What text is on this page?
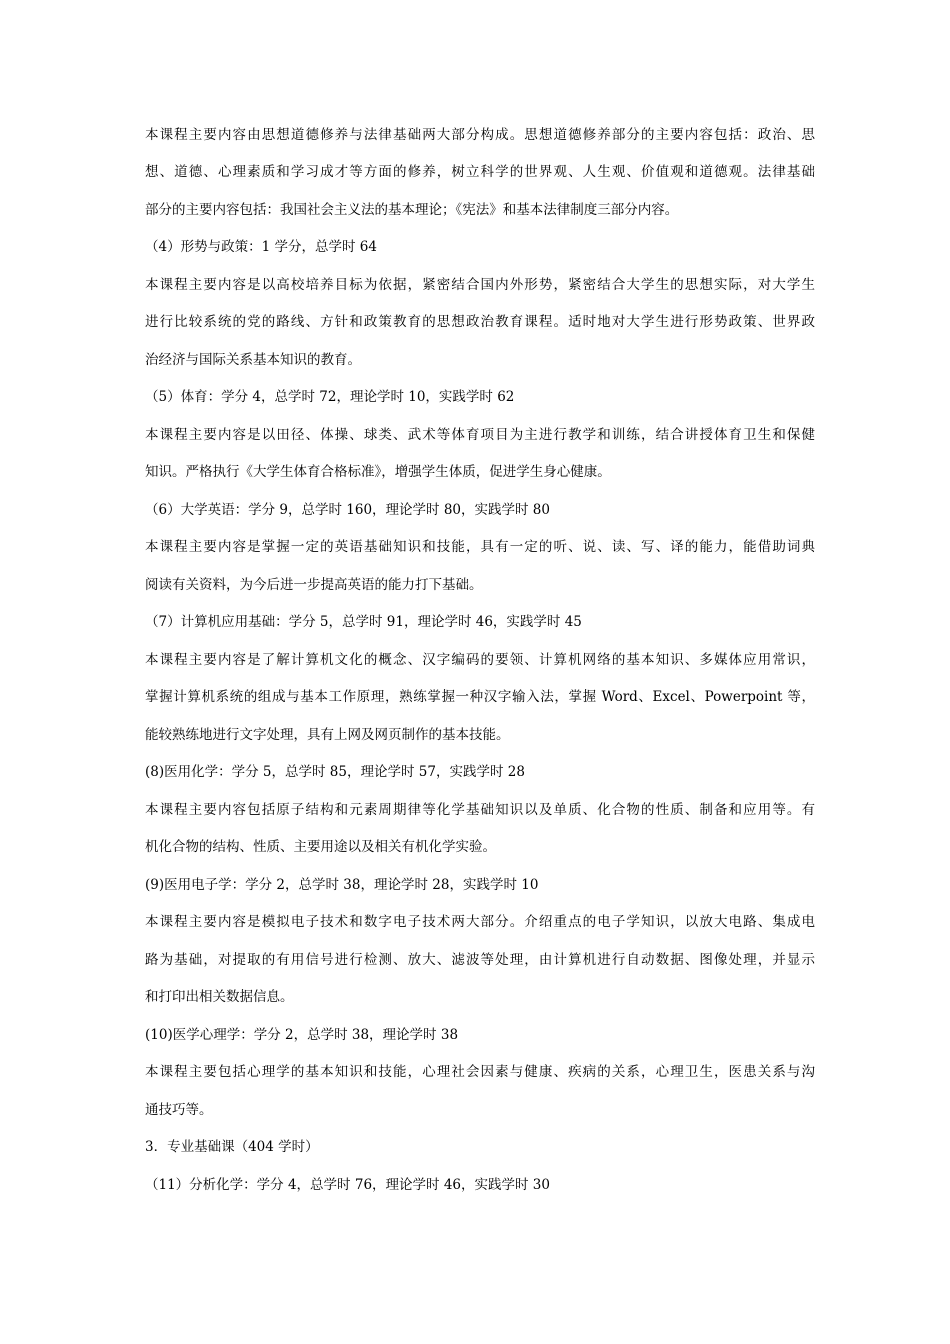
本课程主要内容由思想道德修养与法律基础两大部分构成。思想道德修养部分的主要内容包括：政治、思
想、道德、心理素质和学习成才等方面的修养，树立科学的世界观、人生观、价值观和道德观。法律基础
部分的主要内容包括：我国社会主义法的基本理论；《宪法》和基本法律制度三部分内容。
（4）形势与政策：1 学分，总学时 64
本课程主要内容是以高校培养目标为依据，紧密结合国内外形势，紧密结合大学生的思想实际，对大学生
进行比较系统的党的路线、方针和政策教育的思想政治教育课程。适时地对大学生进行形势政策、世界政
治经济与国际关系基本知识的教育。
（5）体育：学分 4，总学时 72，理论学时 10，实践学时 62
本课程主要内容是以田径、体操、球类、武术等体育项目为主进行教学和训练，结合讲授体育卫生和保健
知识。严格执行《大学生体育合格标准》，增强学生体质，促进学生身心健康。
（6）大学英语：学分 9，总学时 160，理论学时 80，实践学时 80
本课程主要内容是掌握一定的英语基础知识和技能，具有一定的听、说、读、写、译的能力，能借助词典
阅读有关资料，为今后进一步提高英语的能力打下基础。
（7）计算机应用基础：学分 5，总学时 91，理论学时 46，实践学时 45
本课程主要内容是了解计算机文化的概念、汉字编码的要领、计算机网络的基本知识、多媒体应用常识，
掌握计算机系统的组成与基本工作原理，熟练掌握一种汉字输入法，掌握 Word、Excel、Powerpoint 等，
能较熟练地进行文字处理，具有上网及网页制作的基本技能。
(8)医用化学：学分 5，总学时 85，理论学时 57，实践学时 28
本课程主要内容包括原子结构和元素周期律等化学基础知识以及单质、化合物的性质、制备和应用等。有
机化合物的结构、性质、主要用途以及相关有机化学实验。
(9)医用电子学：学分 2，总学时 38，理论学时 28，实践学时 10
本课程主要内容是模拟电子技术和数字电子技术两大部分。介绍重点的电子学知识，以放大电路、集成电
路为基础，对提取的有用信号进行检测、放大、滤波等处理，由计算机进行自动数据、图像处理，并显示
和打印出相关数据信息。
(10)医学心理学：学分 2，总学时 38，理论学时 38
本课程主要包括心理学的基本知识和技能，心理社会因素与健康、疾病的关系，心理卫生，医患关系与沟
通技巧等。
3．专业基础课（404 学时）
（11）分析化学：学分 4，总学时 76，理论学时 46，实践学时 30
